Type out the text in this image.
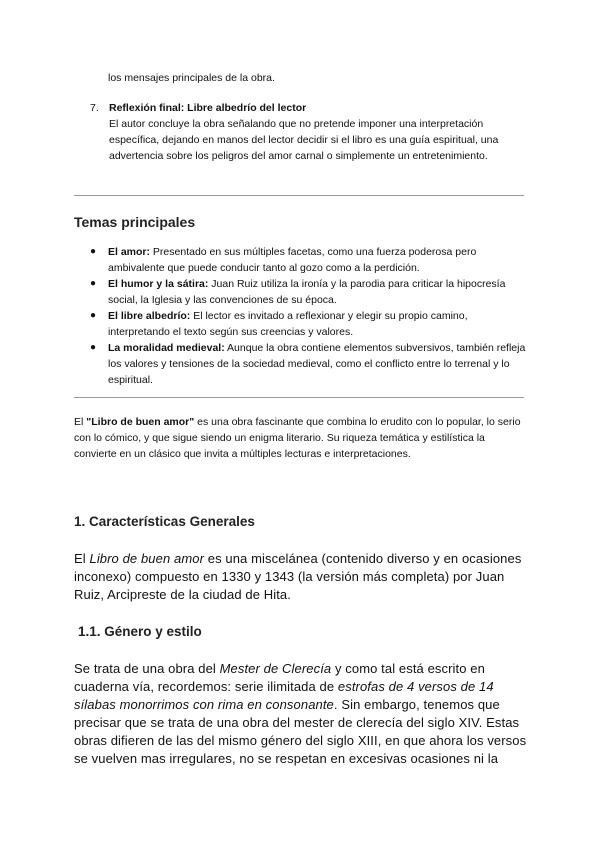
los mensajes principales de la obra.
7. Reflexión final: Libre albedrío del lector
El autor concluye la obra señalando que no pretende imponer una interpretación específica, dejando en manos del lector decidir si el libro es una guía espiritual, una advertencia sobre los peligros del amor carnal o simplemente un entretenimiento.
Temas principales
● El amor: Presentado en sus múltiples facetas, como una fuerza poderosa pero ambivalente que puede conducir tanto al gozo como a la perdición.
● El humor y la sátira: Juan Ruiz utiliza la ironía y la parodia para criticar la hipocresía social, la Iglesia y las convenciones de su época.
● El libre albedrío: El lector es invitado a reflexionar y elegir su propio camino, interpretando el texto según sus creencias y valores.
● La moralidad medieval: Aunque la obra contiene elementos subversivos, también refleja los valores y tensiones de la sociedad medieval, como el conflicto entre lo terrenal y lo espiritual.
El "Libro de buen amor" es una obra fascinante que combina lo erudito con lo popular, lo serio con lo cómico, y que sigue siendo un enigma literario. Su riqueza temática y estilística la convierte en un clásico que invita a múltiples lecturas e interpretaciones.
1. Características Generales
El Libro de buen amor es una miscelánea (contenido diverso y en ocasiones inconexo) compuesto en 1330 y 1343 (la versión más completa) por Juan Ruiz, Arcipreste de la ciudad de Hita.
1.1. Género y estilo
Se trata de una obra del Mester de Clerecía y como tal está escrito en cuaderna vía, recordemos: serie ilimitada de estrofas de 4 versos de 14 sílabas monorrimos con rima en consonante. Sin embargo, tenemos que precisar que se trata de una obra del mester de clerecía del siglo XIV. Estas obras difieren de las del mismo género del siglo XIII, en que ahora los versos se vuelven mas irregulares, no se respetan en excesivas ocasiones ni la
